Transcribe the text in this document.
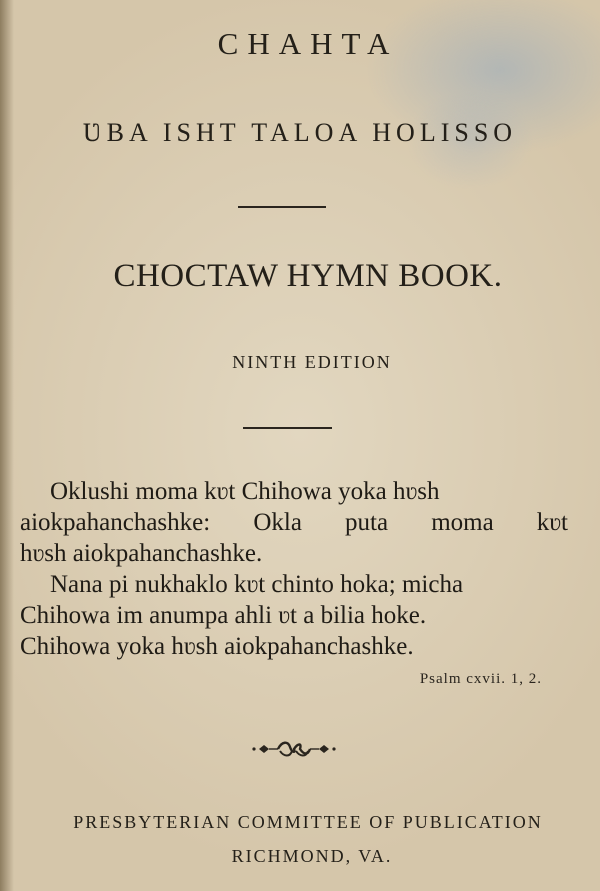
CHAHTA
ƲBA ISHT TALOA HOLISSO
CHOCTAW HYMN BOOK.
NINTH EDITION
Oklushi moma kʋt Chihowa yoka hʋsh
aiokpahanchashke: Okla puta moma kʋt
hʋsh aiokpahanchashke.
Nana pi nukhaklo kʋt chinto hoka; micha
Chihowa im anumpa ahli ʋt a bilia hoke.
Chihowa yoka hʋsh aiokpahanchashke.
Psalm cxvii. 1, 2.
PRESBYTERIAN COMMITTEE OF PUBLICATION
RICHMOND, VA.
